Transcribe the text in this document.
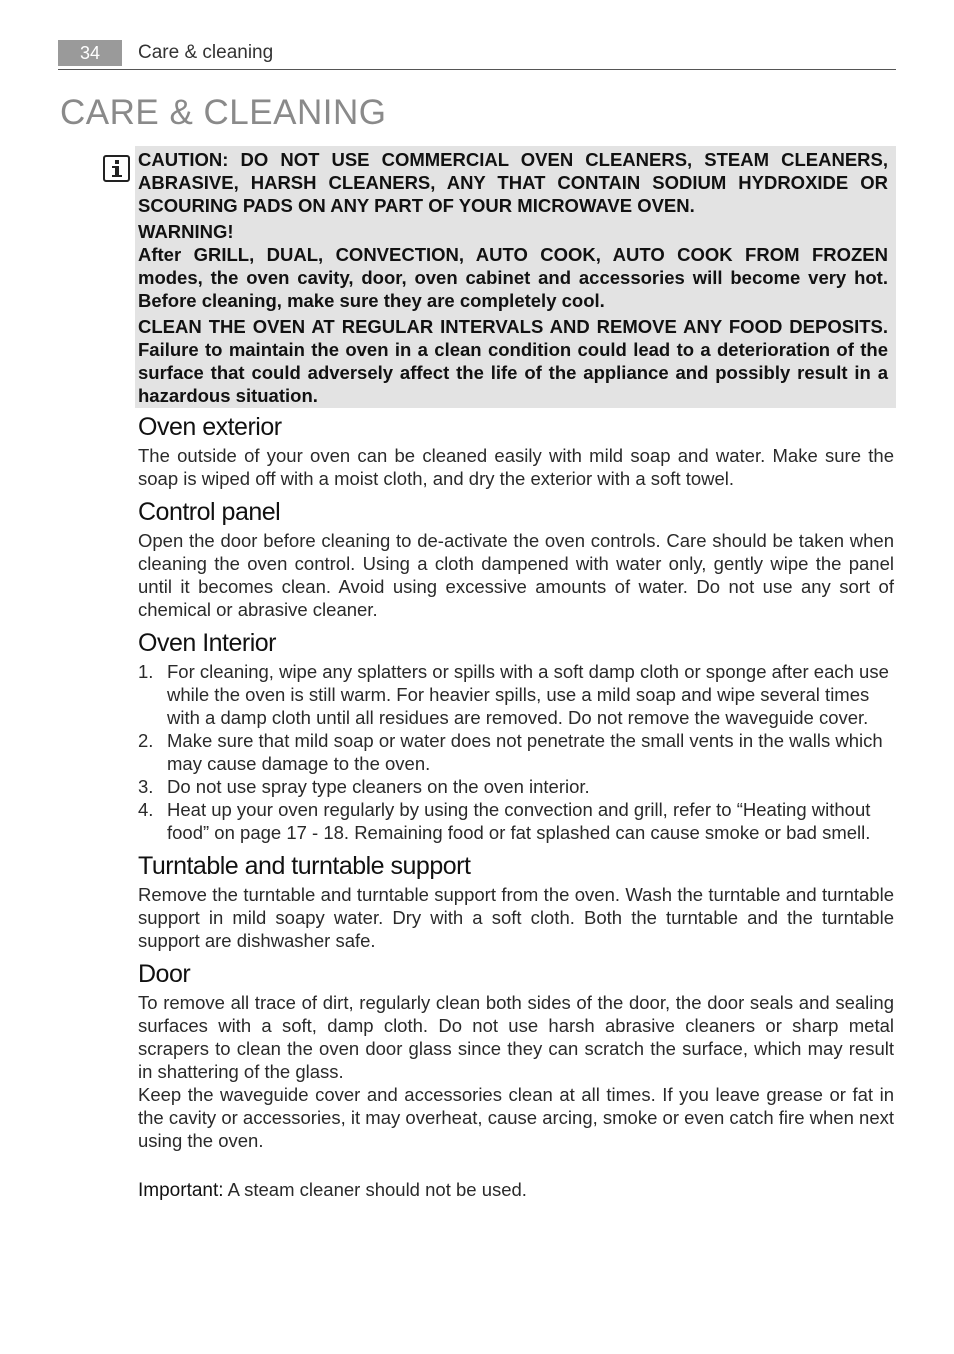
34	Care & cleaning
CARE & CLEANING

CAUTION: DO NOT USE COMMERCIAL OVEN CLEANERS, STEAM CLEANERS, ABRASIVE, HARSH CLEANERS, ANY THAT CONTAIN SODIUM HYDROXIDE OR SCOURING PADS ON ANY PART OF YOUR MICROWAVE OVEN.

WARNING!

After GRILL, DUAL, CONVECTION, AUTO COOK, AUTO COOK FROM FROZEN modes, the oven cavity, door, oven cabinet and accessories will become very hot. Before cleaning, make sure they are completely cool.

CLEAN THE OVEN AT REGULAR INTERVALS AND REMOVE ANY FOOD DEPOSITS. Failure to maintain the oven in a clean condition could lead to a deterioration of the surface that could adversely affect the life of the appliance and possibly result in a hazardous situation.

Oven exterior

The outside of your oven can be cleaned easily with mild soap and water. Make sure the soap is wiped off with a moist cloth, and dry the exterior with a soft towel.

Control panel

Open the door before cleaning to de-activate the oven controls. Care should be taken when cleaning the oven control. Using a cloth dampened with water only, gently wipe the panel until it becomes clean. Avoid using excessive amounts of water. Do not use any sort of chemical or abrasive cleaner.

Oven Interior
1. For cleaning, wipe any splatters or spills with a soft damp cloth or sponge after each use while the oven is still warm. For heavier spills, use a mild soap and wipe several times with a damp cloth until all residues are removed. Do not remove the waveguide cover.
2. Make sure that mild soap or water does not penetrate the small vents in the walls which may cause damage to the oven.
3. Do not use spray type cleaners on the oven interior.
4. Heat up your oven regularly by using the convection and grill, refer to “Heating without food” on page 17 - 18. Remaining food or fat splashed can cause smoke or bad smell.
Turntable and turntable support

Remove the turntable and turntable support from the oven. Wash the turntable and turntable support in mild soapy water. Dry with a soft cloth. Both the turntable and the turntable support are dishwasher safe.

Door

To remove all trace of dirt, regularly clean both sides of the door, the door seals and sealing surfaces with a soft, damp cloth. Do not use harsh abrasive cleaners or sharp metal scrapers to clean the oven door glass since they can scratch the surface, which may result in shattering of the glass.

Keep the waveguide cover and accessories clean at all times. If you leave grease or fat in the cavity or accessories, it may overheat, cause arcing, smoke or even catch fire when next using the oven.

Important: A steam cleaner should not be used.
